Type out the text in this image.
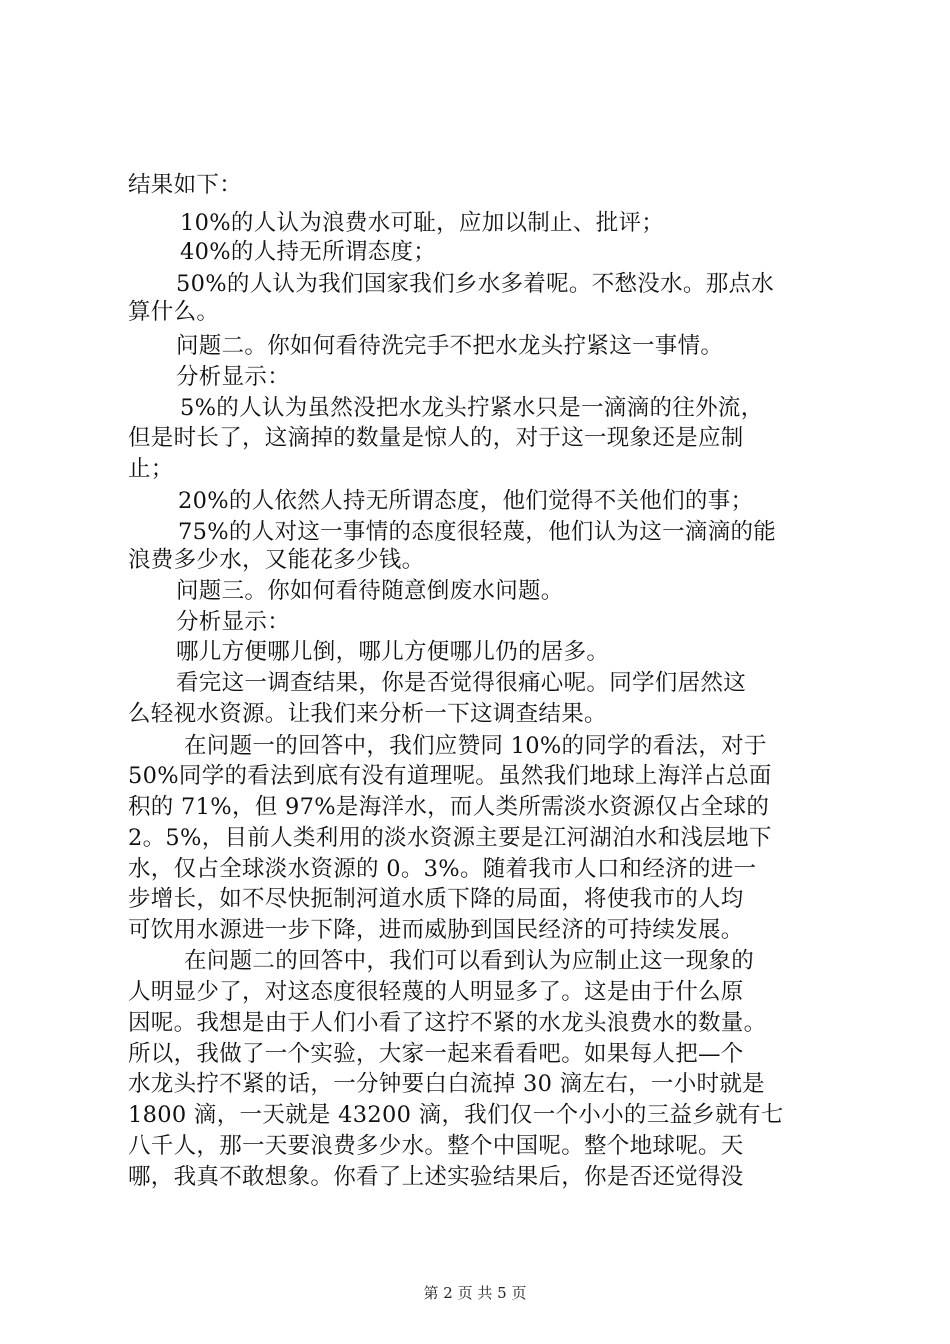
结果如下：
10%的人认为浪费水可耻，应加以制止、批评；
40%的人持无所谓态度；
50%的人认为我们国家我们乡水多着呢。不愁没水。那点水
算什么。
问题二。你如何看待洗完手不把水龙头拧紧这一事情。
分析显示：
5%的人认为虽然没把水龙头拧紧水只是一滴滴的往外流，
但是时长了，这滴掉的数量是惊人的，对于这一现象还是应制
止；
20%的人依然人持无所谓态度，他们觉得不关他们的事；
75%的人对这一事情的态度很轻蔑，他们认为这一滴滴的能
浪费多少水，又能花多少钱。
问题三。你如何看待随意倒废水问题。
分析显示：
哪儿方便哪儿倒，哪儿方便哪儿仍的居多。
看完这一调查结果，你是否觉得很痛心呢。同学们居然这
么轻视水资源。让我们来分析一下这调查结果。
在问题一的回答中，我们应赞同 10%的同学的看法，对于
50%同学的看法到底有没有道理呢。虽然我们地球上海洋占总面
积的 71%，但 97%是海洋水，而人类所需淡水资源仅占全球的
2。5%，目前人类利用的淡水资源主要是江河湖泊水和浅层地下
水，仅占全球淡水资源的 0。3%。随着我市人口和经济的进一
步增长，如不尽快扼制河道水质下降的局面，将使我市的人均
可饮用水源进一步下降，进而威胁到国民经济的可持续发展。
在问题二的回答中，我们可以看到认为应制止这一现象的
人明显少了，对这态度很轻蔑的人明显多了。这是由于什么原
因呢。我想是由于人们小看了这拧不紧的水龙头浪费水的数量。
所以，我做了一个实验，大家一起来看看吧。如果每人把—个
水龙头拧不紧的话，一分钟要白白流掉 30 滴左右，一小时就是
1800 滴，一天就是 43200 滴，我们仅一个小小的三益乡就有七
八千人，那一天要浪费多少水。整个中国呢。整个地球呢。天
哪，我真不敢想象。你看了上述实验结果后，你是否还觉得没
第 2 页 共 5 页
